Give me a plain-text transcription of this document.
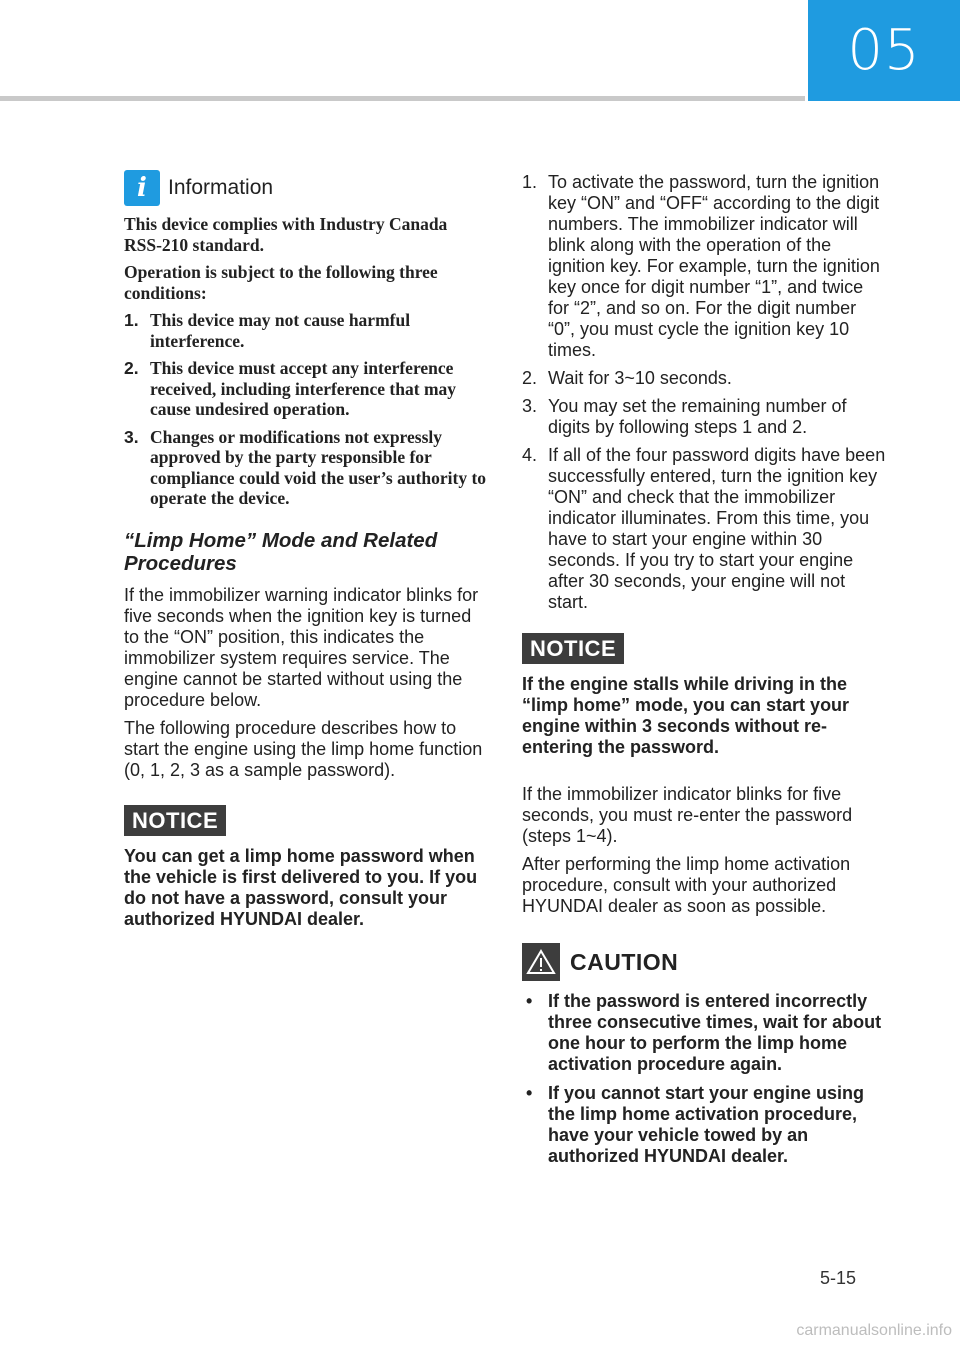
05
i	Information

This device complies with Industry Canada RSS-210 standard.

Operation is subject to the following three conditions:

1. This device may not cause harmful interference.
2. This device must accept any interference received, including interference that may cause undesired operation.
3. Changes or modifications not expressly approved by the party responsible for compliance could void the user’s authority to operate the device.
“Limp Home” Mode and Related Procedures

If the immobilizer warning indicator blinks for five seconds when the ignition key is turned to the “ON” position, this indicates the immobilizer system requires service. The engine cannot be started without using the procedure below.

The following procedure describes how to start the engine using the limp home function (0, 1, 2, 3 as a sample password).

NOTICE
You can get a limp home password when the vehicle is first delivered to you. If you do not have a password, consult your authorized HYUNDAI dealer.
1. To activate the password, turn the ignition key “ON” and “OFF“ according to the digit numbers. The immobilizer indicator will blink along with the operation of the ignition key. For example, turn the ignition key once for digit number “1”, and twice for “2”, and so on. For the digit number “0”, you must cycle the ignition key 10 times.
2. Wait for 3~10 seconds.
3. You may set the remaining number of digits by following steps 1 and 2.
4. If all of the four password digits have been successfully entered, turn the ignition key “ON” and check that the immobilizer indicator illuminates. From this time, you have to start your engine within 30 seconds. If you try to start your engine after 30 seconds, your engine will not start.
NOTICE
If the engine stalls while driving in the “limp home” mode, you can start your engine within 3 seconds without re-entering the password.

If the immobilizer indicator blinks for five seconds, you must re-enter the password (steps 1~4).

After performing the limp home activation procedure, consult with your authorized HYUNDAI dealer as soon as possible.

CAUTION
• If the password is entered incorrectly three consecutive times, wait for about one hour to perform the limp home activation procedure again.
• If you cannot start your engine using the limp home activation procedure, have your vehicle towed by an authorized HYUNDAI dealer.
5-15
carmanualsonline.info
